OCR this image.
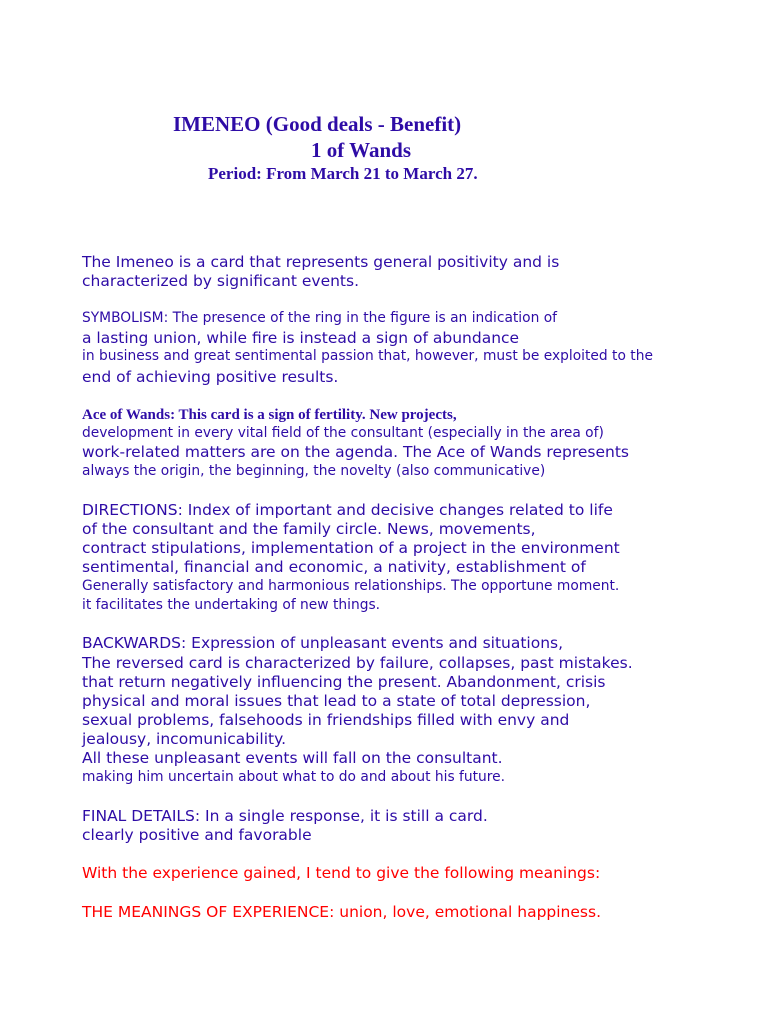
IMENEO (Good deals - Benefit)
1 of Wands
Period: From March 21 to March 27.
The Imeneo is a card that represents general positivity and is
characterized by significant events.
SYMBOLISM: The presence of the ring in the figure is an indication of
a lasting union, while fire is instead a sign of abundance
in business and great sentimental passion that, however, must be exploited to the
end of achieving positive results.
Ace of Wands: This card is a sign of fertility. New projects,
development in every vital field of the consultant (especially in the area of)
work-related matters are on the agenda. The Ace of Wands represents
always the origin, the beginning, the novelty (also communicative)
DIRECTIONS: Index of important and decisive changes related to life
of the consultant and the family circle. News, movements,
contract stipulations, implementation of a project in the environment
sentimental, financial and economic, a nativity, establishment of
Generally satisfactory and harmonious relationships. The opportune moment.
it facilitates the undertaking of new things.
BACKWARDS: Expression of unpleasant events and situations,
The reversed card is characterized by failure, collapses, past mistakes.
that return negatively influencing the present. Abandonment, crisis
physical and moral issues that lead to a state of total depression,
sexual problems, falsehoods in friendships filled with envy and
jealousy, incomunicability.
All these unpleasant events will fall on the consultant.
making him uncertain about what to do and about his future.
FINAL DETAILS: In a single response, it is still a card.
clearly positive and favorable
With the experience gained, I tend to give the following meanings:
THE MEANINGS OF EXPERIENCE: union, love, emotional happiness.
